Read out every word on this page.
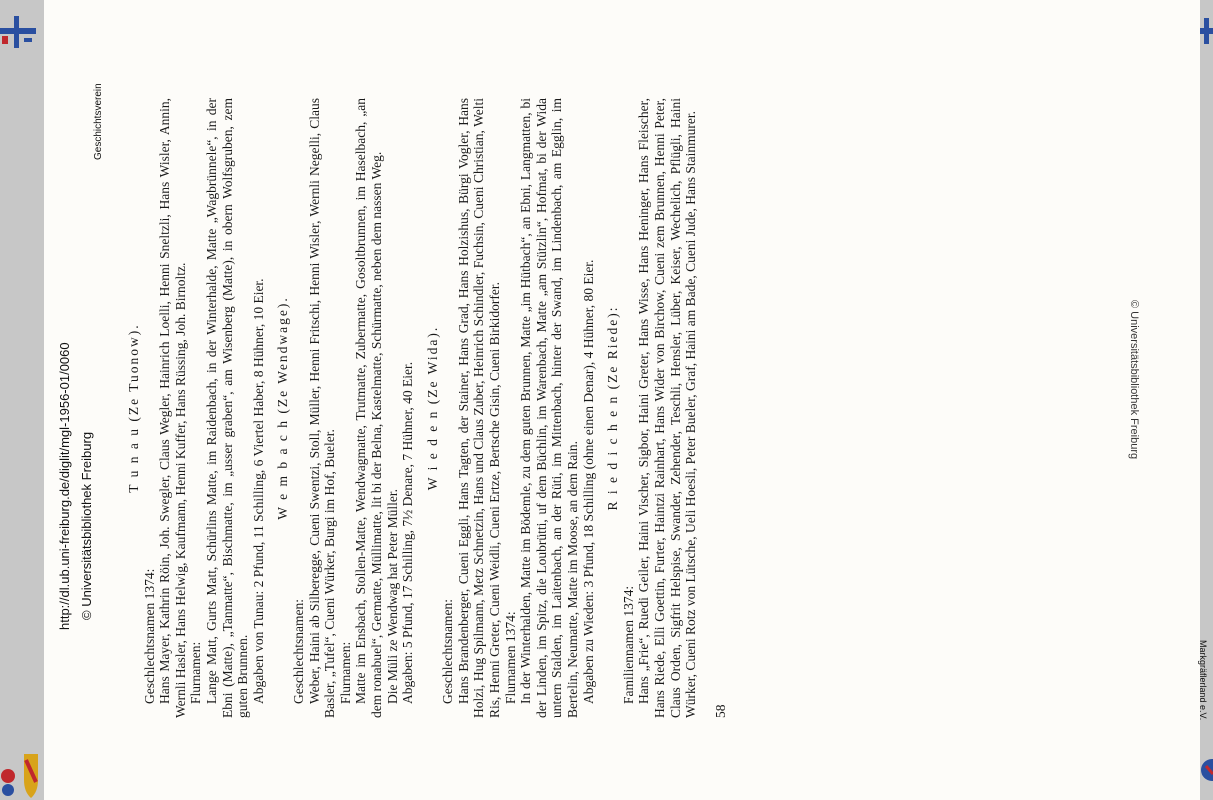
T u n a u (Ze Tuonow).

Geschlechtsnamen 1374: Hans Mayer, Kathrin Röin, Joh. Swegler, Claus Wegler, Hainrich Loelli, Henni Sneltzli, Hans Wisler, Annin, Wernli Hasler, Hans Helwig, Kaufmann, Henni Kuffer, Hans Rüssing, Joh. Birnoltz. Flurnamen: Lange Matt, Gurts Matt, Schürlins Matte, im Raidenbach, in der Winterhalde, Matte „Wagbrünnele“, in der Ebni (Matte), „Tanmatte“, Bischmatte, im „usser graben“, am Wisenberg (Matte), in obern Wolfsgruben, zem guten Brunnen. Abgaben von Tunau: 2 Pfund, 11 Schilling, 6 Viertel Haber, 8 Hühner, 10 Eier. W e m b a c h (Ze Wendwage).

Geschlechtsnamen: Weber, Haini ab Silberegge, Cueni Swentzi, Stoll, Müller, Henni Fritschi, Henni Wisler, Wernli Negelli, Claus Basler, „Tufel“, Cueni Würker, Burgi im Hof, Bueler. Flurnamen: Matte im Ensbach, Stollen-Matte, Wendwagmatte, Trutmatte, Zubermatte, Gosoltbrunnen, im Haselbach, „an dem ronabuel“, Germatte, Müllimatte, lit bi der Belna, Kastelmatte, Schürmatte, neben dem nassen Weg. Die Müli ze Wendwag hat Peter Müller. Abgaben: 5 Pfund, 17 Schilling, 7½ Denare, 7 Hühner, 40 Eier. W i e d e n (Ze Wida).

Geschlechtsnamen: Hans Brandenberger, Cueni Eggli, Hans Tagten, der Stainer, Hans Grad, Hans Holzishus, Bürgi Vogler, Hans Holzi, Hug Spilmann, Metz Schnetzin, Hans und Claus Zuber, Heinrich Schindler, Fuchsin, Cueni Christian, Welti Ris, Henni Greter, Cueni Weidli, Cueni Ertze, Bertsche Gisin, Cueni Birkidorfer. Flurnamen 1374: In der Winterhalden, Matte im Bödemle, zu dem guten Brunnen, Matte „im Hütbach“, an Ebni, Langmatten, bi der Linden, im Spitz, die Loubrütti, uf dem Büchlin, im Warenbach, Matte „am Stützlin“, Hofmat, bi der Wida untern Stalden, im Laitenbach, an der Rüti, im Mittenbach, hinter der Swand, im Lindenbach, am Egglin, im Bertelin, Neumatte, Matte im Moose, an dem Rain. Abgaben zu Wieden: 3 Pfund, 18 Schilling (ohne einen Denar), 4 Hühner, 80 Eier. R i e d i c h e n (Ze Riede):

Familiennamen 1374: Hans „Frie“, Ruedi Geiler, Haini Vischer, Sigbor, Haini Greter, Hans Wisse, Hans Heninger, Hans Fleischer, Hans Riede, Elli Goettin, Furter, Haintzi Rainhart, Hans Wider von Birchow, Cueni zem Brunnen, Henni Peter, Claus Orden, Sigfrit Helspise, Swander, Zehender, Teschli, Hensler, Lüber, Keiser, Wechelich, Pflügli, Haini Würker, Cueni Rotz von Lütsche, Ueli Hoesli, Peter Bueler, Graf, Haini am Bade, Cueni Jude, Hans Stainmurer. 58

http://dl.ub.uni-freiburg.de/diglit/mgl-1956-01/0060 © Universitätsbibliothek Freiburg
Geschichtsverein
© Universitätsbibliothek Freiburg
Markgräflerland e.V.
